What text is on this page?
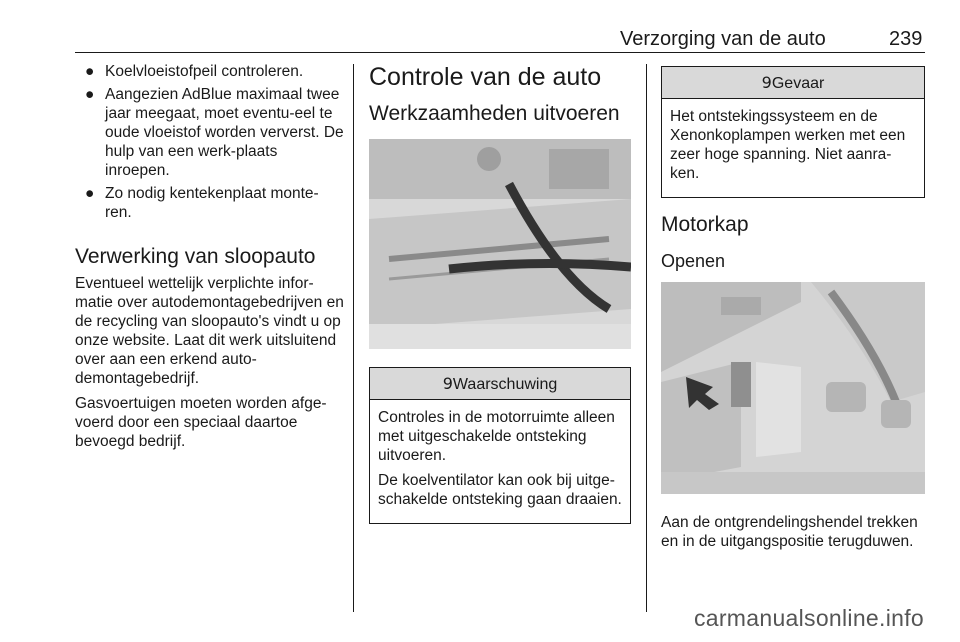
Verzorging van de auto	239
● Koelvloeistofpeil controleren.
● Aangezien AdBlue maximaal twee jaar meegaat, moet eventu-eel te oude vloeistof worden ververst. De hulp van een werk-plaats inroepen.
● Zo nodig kentekenplaat monte-ren.
Verwerking van sloopauto

Eventueel wettelijk verplichte infor-matie over autodemontagebedrijven en de recycling van sloopauto's vindt u op onze website. Laat dit werk uitsluitend over aan een erkend auto-demontagebedrijf.

Gasvoertuigen moeten worden afge-voerd door een speciaal daartoe bevoegd bedrijf.

Controle van de auto
Werkzaamheden uitvoeren
9Waarschuwing

Controles in de motorruimte alleen met uitgeschakelde ontsteking uitvoeren.

De koelventilator kan ook bij uitge-schakelde ontsteking gaan draaien.

9Gevaar

Het ontstekingssysteem en de Xenonkoplampen werken met een zeer hoge spanning. Niet aanra-ken.

Motorkap
Openen

Aan de ontgrendelingshendel trekken en in de uitgangspositie terugduwen.

carmanualsonline.info
